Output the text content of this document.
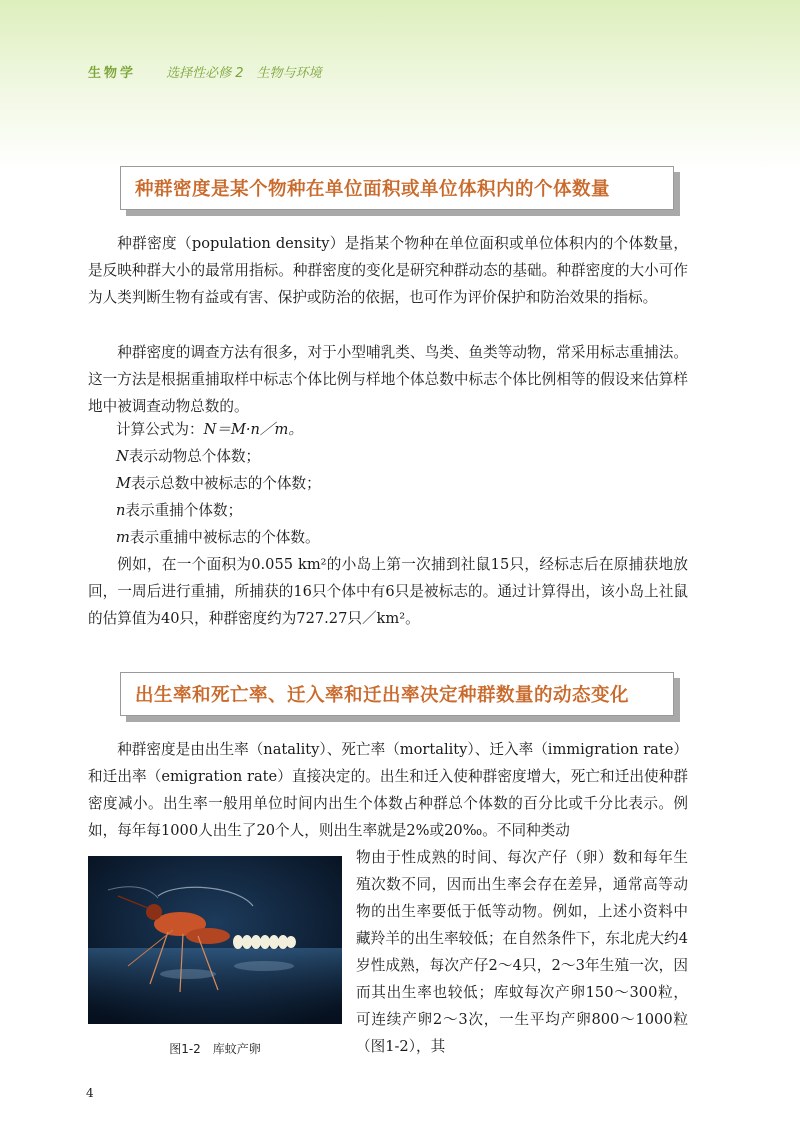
生物学 选择性必修 2　生物与环境
种群密度是某个物种在单位面积或单位体积内的个体数量
种群密度（population density）是指某个物种在单位面积或单位体积内的个体数量，是反映种群大小的最常用指标。种群密度的变化是研究种群动态的基础。种群密度的大小可作为人类判断生物有益或有害、保护或防治的依据，也可作为评价保护和防治效果的指标。
种群密度的调查方法有很多，对于小型哺乳类、鸟类、鱼类等动物，常采用标志重捕法。这一方法是根据重捕取样中标志个体比例与样地个体总数中标志个体比例相等的假设来估算样地中被调查动物总数的。
计算公式为：N＝M·n／m。
N表示动物总个体数；
M表示总数中被标志的个体数；
n表示重捕个体数；
m表示重捕中被标志的个体数。
例如，在一个面积为0.055 km²的小岛上第一次捕到社鼠15只，经标志后在原捕获地放回，一周后进行重捕，所捕获的16只个体中有6只是被标志的。通过计算得出，该小岛上社鼠的估算值为40只，种群密度约为727.27只／km²。
出生率和死亡率、迁入率和迁出率决定种群数量的动态变化
种群密度是由出生率（natality）、死亡率（mortality）、迁入率（immigration rate）和迁出率（emigration rate）直接决定的。出生和迁入使种群密度增大，死亡和迁出使种群密度减小。出生率一般用单位时间内出生个体数占种群总个体数的百分比或千分比表示。例如，每年每1000人出生了20个人，则出生率就是2%或20‰。不同种类动
图1-2　库蚊产卵
物由于性成熟的时间、每次产仔（卵）数和每年生殖次数不同，因而出生率会存在差异，通常高等动物的出生率要低于低等动物。例如，上述小资料中藏羚羊的出生率较低；在自然条件下，东北虎大约4岁性成熟，每次产仔2～4只，2～3年生殖一次，因而其出生率也较低；库蚊每次产卵150～300粒，可连续产卵2～3次，一生平均产卵800～1000粒（图1-2），其
4
